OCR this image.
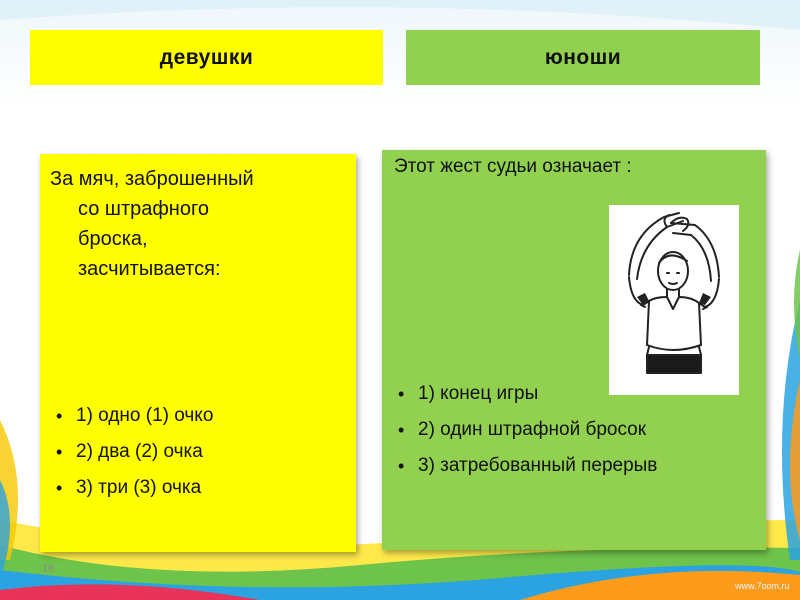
девушки	юноши
За мяч, заброшенный
со штрафного
броска,
засчитывается:
• 1) одно (1) очко
• 2) два (2) очка
• 3) три (3) очка
Этот жест судьи означает :
• 1) конец игры
• 2) один штрафной бросок
• 3) затребованный перерыв
16
www.7oom.ru
